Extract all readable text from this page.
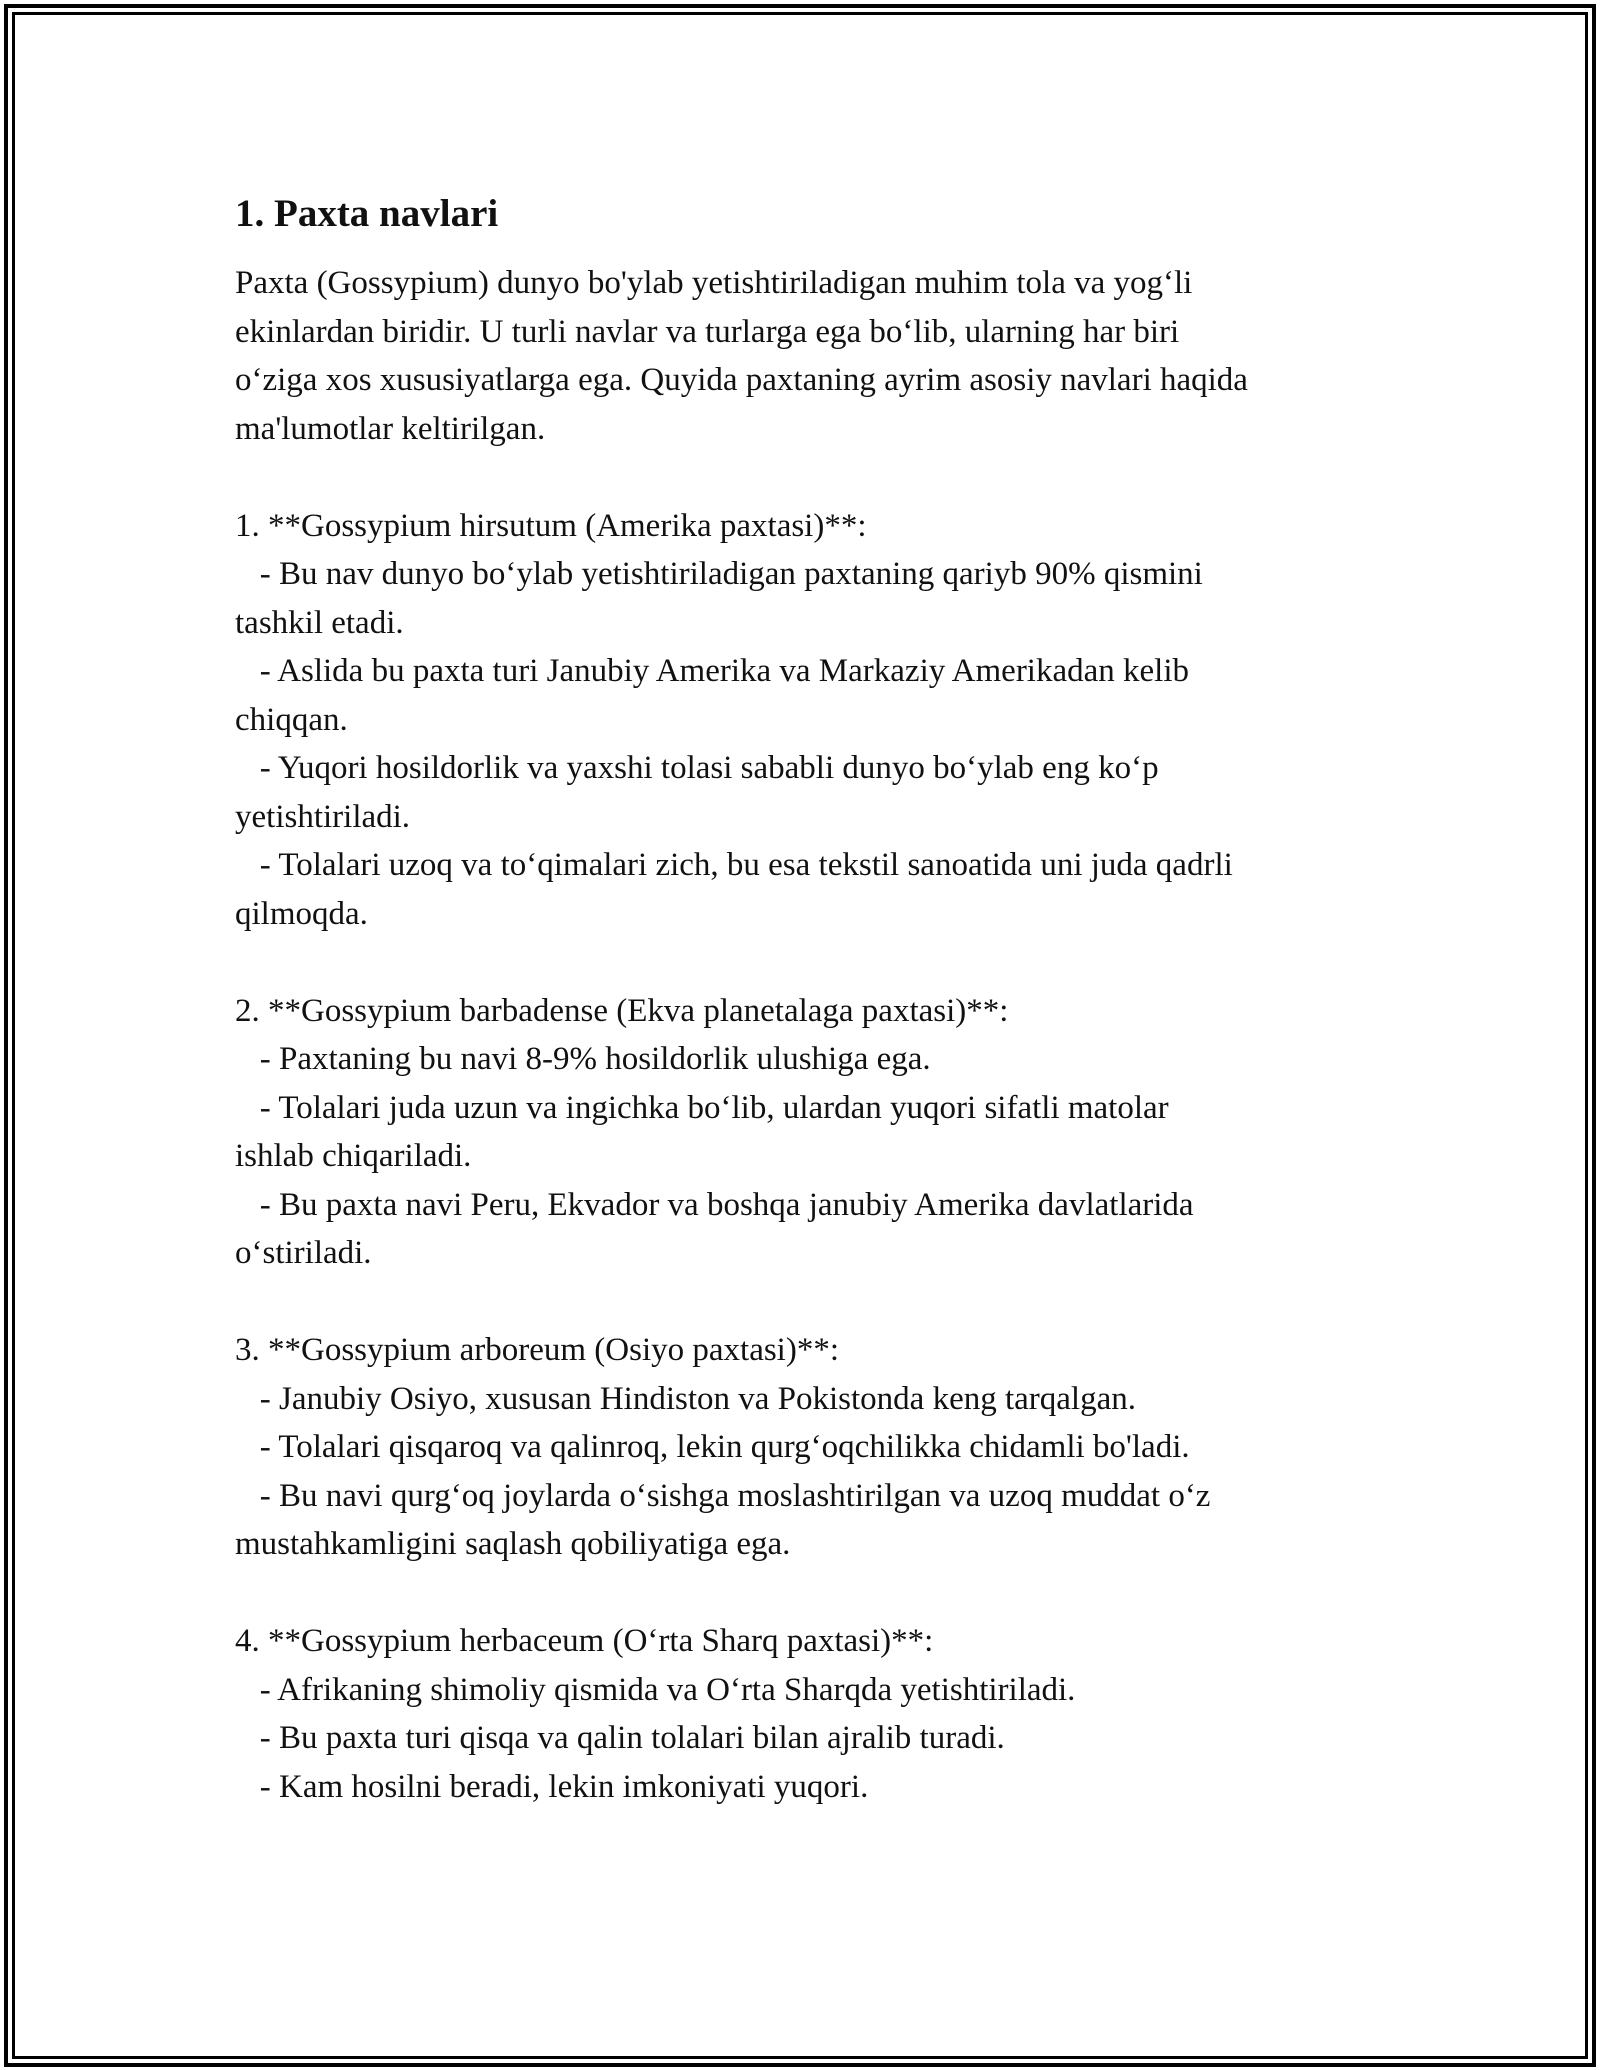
1. Paxta navlari
Paxta (Gossypium) dunyo bo'ylab yetishtiriladigan muhim tola va yog‘li
ekinlardan biridir. U turli navlar va turlarga ega bo‘lib, ularning har biri
o‘ziga xos xususiyatlarga ega. Quyida paxtaning ayrim asosiy navlari haqida
ma'lumotlar keltirilgan.
1. **Gossypium hirsutum (Amerika paxtasi)**:
- Bu nav dunyo bo‘ylab yetishtiriladigan paxtaning qariyb 90% qismini
tashkil etadi.
- Aslida bu paxta turi Janubiy Amerika va Markaziy Amerikadan kelib
chiqqan.
- Yuqori hosildorlik va yaxshi tolasi sababli dunyo bo‘ylab eng ko‘p
yetishtiriladi.
- Tolalari uzoq va to‘qimalari zich, bu esa tekstil sanoatida uni juda qadrli
qilmoqda.
2. **Gossypium barbadense (Ekva planetalaga paxtasi)**:
- Paxtaning bu navi 8-9% hosildorlik ulushiga ega.
- Tolalari juda uzun va ingichka bo‘lib, ulardan yuqori sifatli matolar
ishlab chiqariladi.
- Bu paxta navi Peru, Ekvador va boshqa janubiy Amerika davlatlarida
o‘stiriladi.
3. **Gossypium arboreum (Osiyo paxtasi)**:
- Janubiy Osiyo, xususan Hindiston va Pokistonda keng tarqalgan.
- Tolalari qisqaroq va qalinroq, lekin qurg‘oqchilikka chidamli bo'ladi.
- Bu navi qurg‘oq joylarda o‘sishga moslashtirilgan va uzoq muddat o‘z
mustahkamligini saqlash qobiliyatiga ega.
4. **Gossypium herbaceum (O‘rta Sharq paxtasi)**:
- Afrikaning shimoliy qismida va O‘rta Sharqda yetishtiriladi.
- Bu paxta turi qisqa va qalin tolalari bilan ajralib turadi.
- Kam hosilni beradi, lekin imkoniyati yuqori.
